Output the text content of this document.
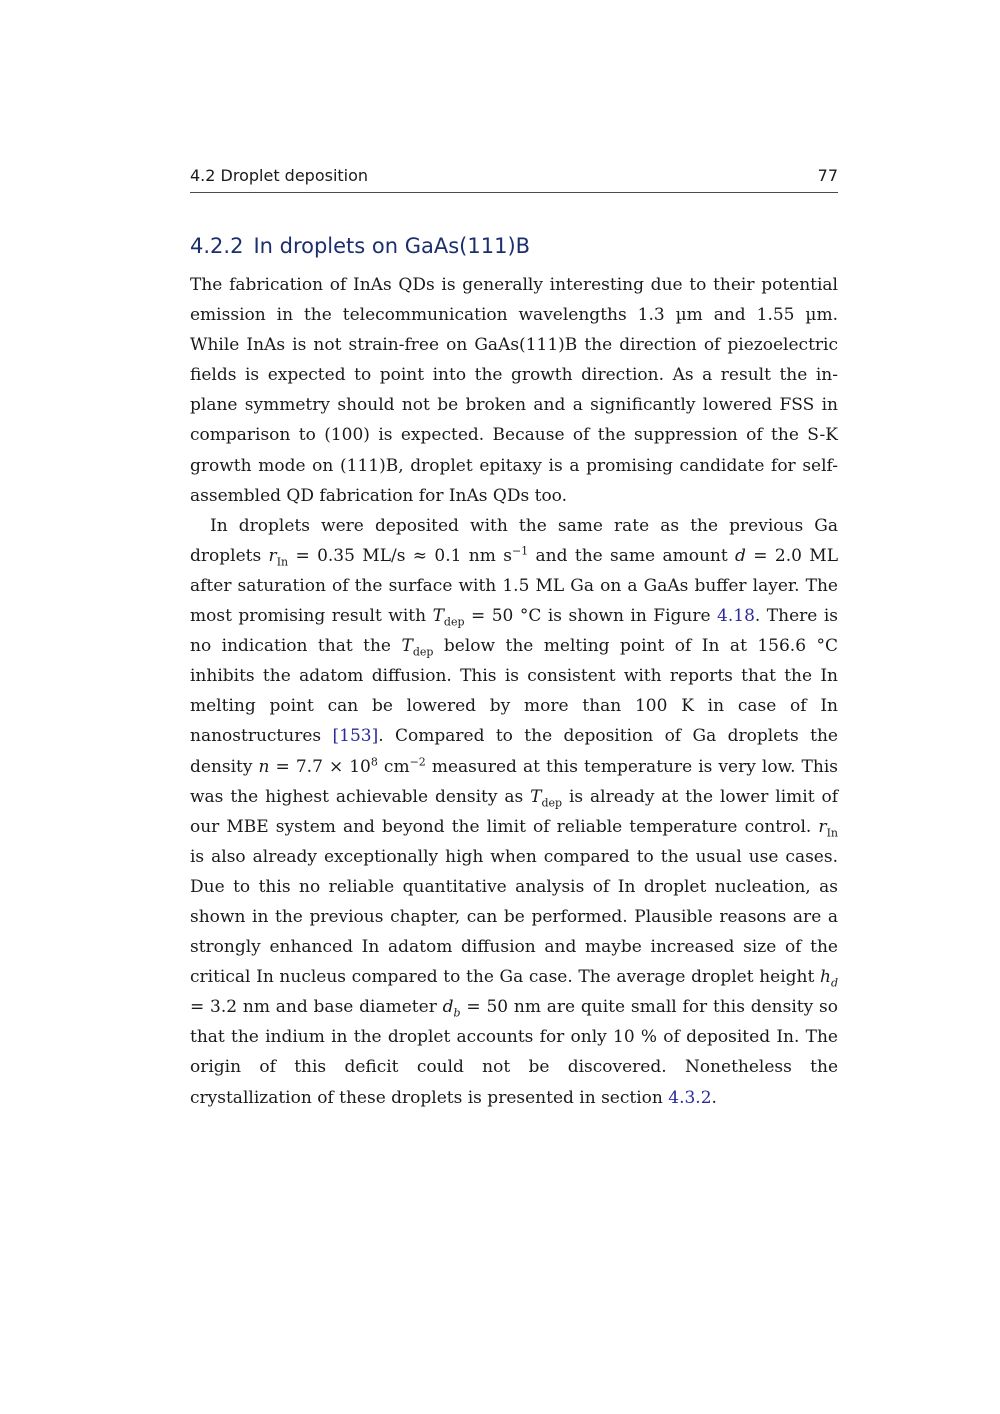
4.2 Droplet deposition	77
4.2.2 In droplets on GaAs(111)B

The fabrication of InAs QDs is generally interesting due to their potential emission in the telecommunication wavelengths 1.3 µm and 1.55 µm. While InAs is not strain-free on GaAs(111)B the direction of piezoelectric fields is expected to point into the growth direction. As a result the in-plane symmetry should not be broken and a significantly lowered FSS in comparison to (100) is expected. Because of the suppression of the S-K growth mode on (111)B, droplet epitaxy is a promising candidate for self-assembled QD fabrication for InAs QDs too.

In droplets were deposited with the same rate as the previous Ga droplets $r_{In} = 0.35$ ML/s ≈ 0.1 nm $s^{-1}$ and the same amount d = 2.0 ML after saturation of the surface with 1.5 ML Ga on a GaAs buffer layer. The most promising result with $T_{dep} = 50$ °C is shown in Figure 4.18. There is no indication that the $T_{dep}$ below the melting point of In at 156.6 °C inhibits the adatom diffusion. This is consistent with reports that the In melting point can be lowered by more than 100 K in case of In nanostructures [153]. Compared to the deposition of Ga droplets the density $n = 7.7 \times 10^8$ $cm^{-2}$ measured at this temperature is very low. This was the highest achievable density as $T_{dep}$ is already at the lower limit of our MBE system and beyond the limit of reliable temperature control. $r_{In}$ is also already exceptionally high when compared to the usual use cases. Due to this no reliable quantitative analysis of In droplet nucleation, as shown in the previous chapter, can be performed. Plausible reasons are a strongly enhanced In adatom diffusion and maybe increased size of the critical In nucleus compared to the Ga case. The average droplet height $h_d = 3.2$ nm and base diameter $d_b = 50$ nm are quite small for this density so that the indium in the droplet accounts for only 10 % of deposited In. The origin of this deficit could not be discovered. Nonetheless the crystallization of these droplets is presented in section 4.3.2.
